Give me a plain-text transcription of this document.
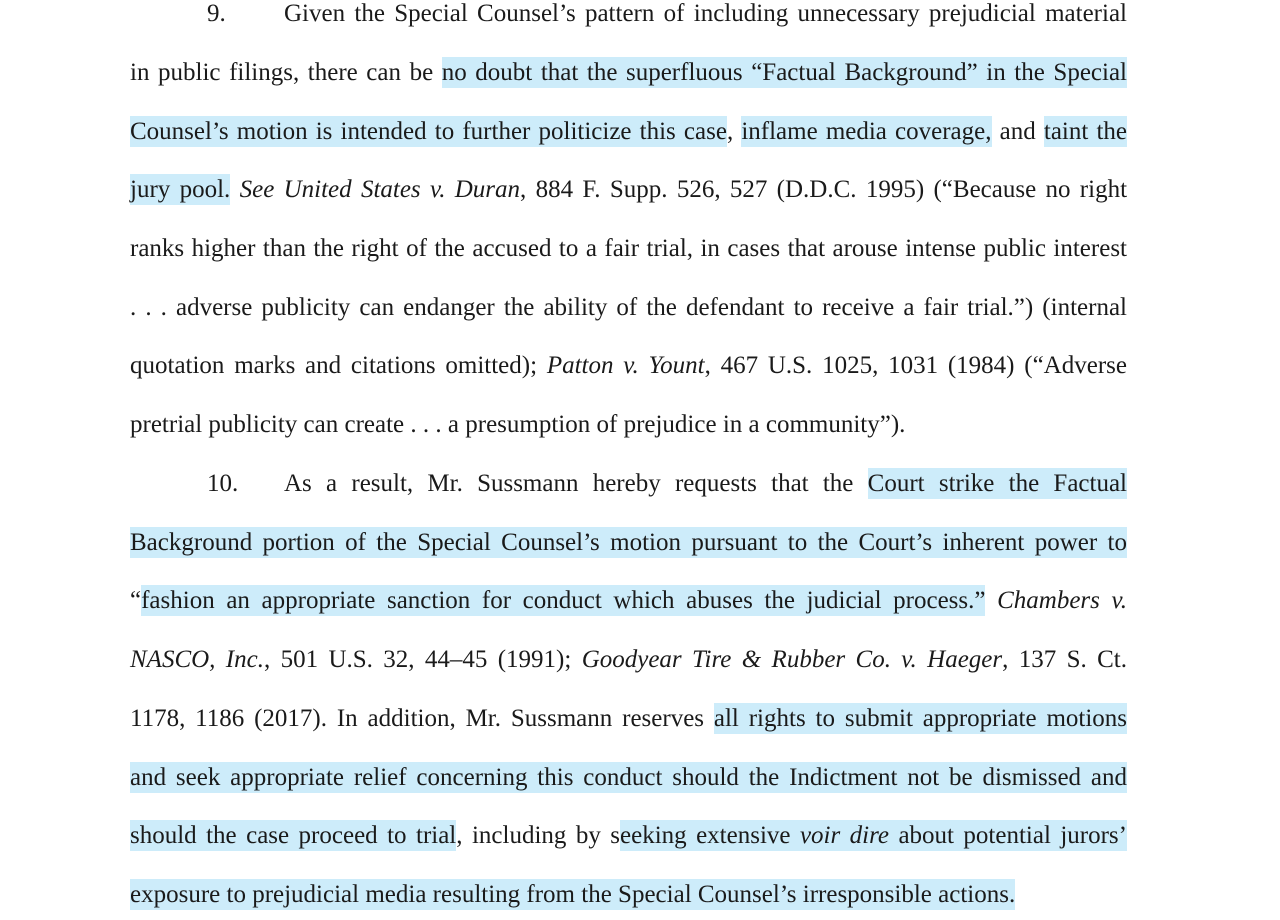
9. Given the Special Counsel’s pattern of including unnecessary prejudicial material
in public filings, there can be no doubt that the superfluous “Factual Background” in the Special
Counsel’s motion is intended to further politicize this case, inflame media coverage, and taint the
jury pool. See United States v. Duran, 884 F. Supp. 526, 527 (D.D.C. 1995) (“Because no right
ranks higher than the right of the accused to a fair trial, in cases that arouse intense public interest
. . . adverse publicity can endanger the ability of the defendant to receive a fair trial.”) (internal
quotation marks and citations omitted); Patton v. Yount, 467 U.S. 1025, 1031 (1984) (“Adverse
pretrial publicity can create . . . a presumption of prejudice in a community”).
10. As a result, Mr. Sussmann hereby requests that the Court strike the Factual
Background portion of the Special Counsel’s motion pursuant to the Court’s inherent power to
“fashion an appropriate sanction for conduct which abuses the judicial process.” Chambers v.
NASCO, Inc., 501 U.S. 32, 44–45 (1991); Goodyear Tire & Rubber Co. v. Haeger, 137 S. Ct.
1178, 1186 (2017). In addition, Mr. Sussmann reserves all rights to submit appropriate motions
and seek appropriate relief concerning this conduct should the Indictment not be dismissed and
should the case proceed to trial, including by seeking extensive voir dire about potential jurors’
exposure to prejudicial media resulting from the Special Counsel’s irresponsible actions.
